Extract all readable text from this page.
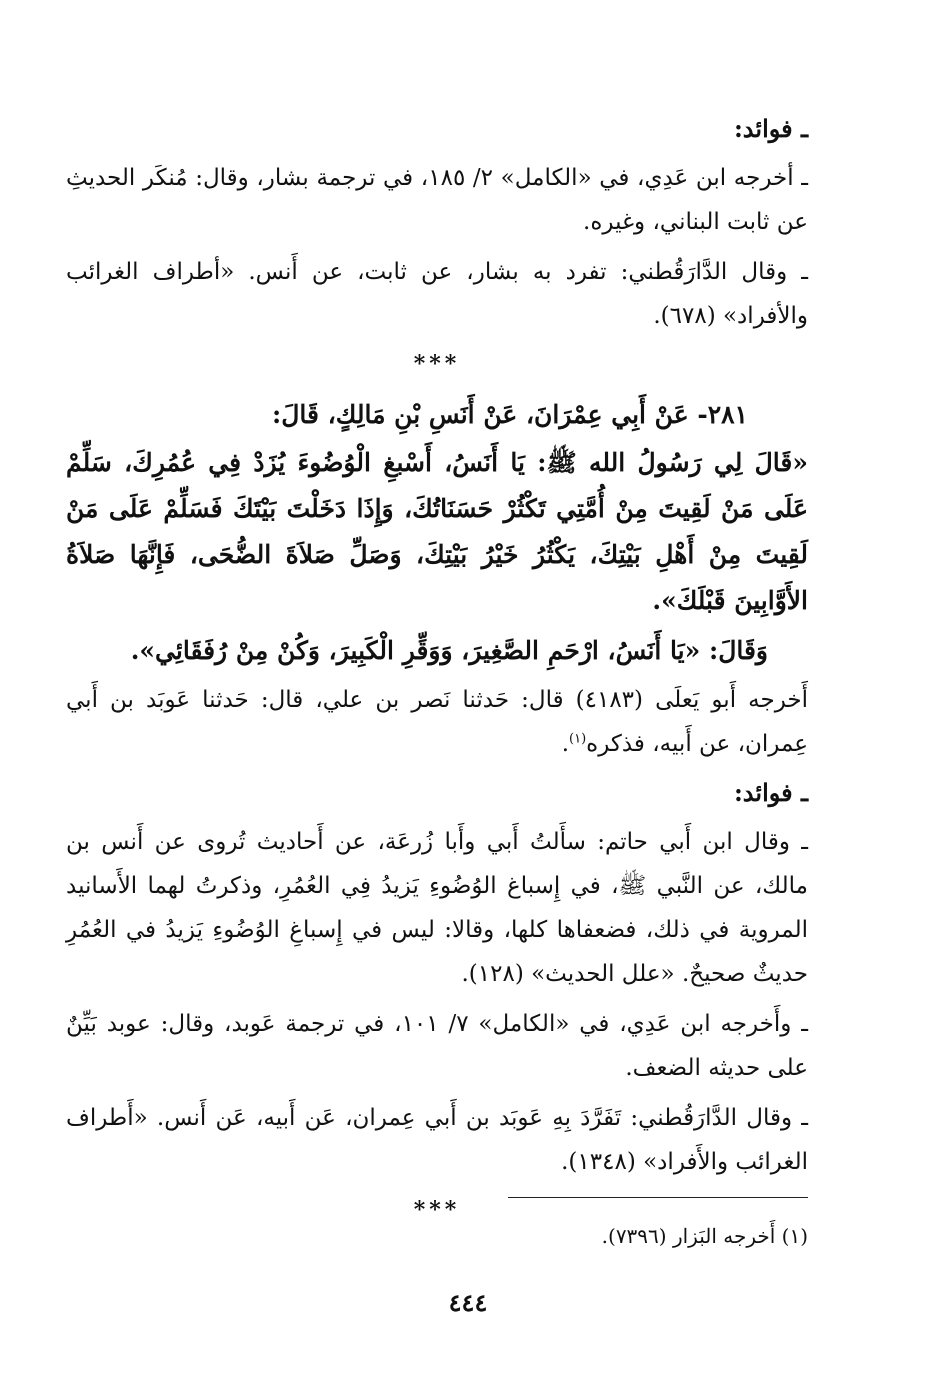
ـ فوائد:

ـ أخرجه ابن عَدِي، في «الكامل» ٢/ ١٨٥، في ترجمة بشار، وقال: مُنكَر الحديثِ عن ثابت البناني، وغيره.

ـ وقال الدَّارَقُطني: تفرد به بشار، عن ثابت، عن أَنس. «أطراف الغرائب والأفراد» (٦٧٨).

***

٢٨١- عَنْ أَبِي عِمْرَانَ، عَنْ أَنَسِ بْنِ مَالِكٍ، قَالَ:

«قَالَ لِي رَسُولُ الله ﷺ: يَا أَنَسُ، أَسْبغِ الْوُضُوءَ يُزَدْ فِي عُمُرِكَ، سَلِّمْ عَلَى مَنْ لَقِيتَ مِنْ أُمَّتِي تَكْثُرْ حَسَنَاتُكَ، وَإِذَا دَخَلْتَ بَيْتَكَ فَسَلِّمْ عَلَى مَنْ لَقِيتَ مِنْ أَهْلِ بَيْتِكَ، يَكْثُرُ خَيْرُ بَيْتِكَ، وَصَلِّ صَلاَةَ الضُّحَى، فَإِنَّهَا صَلاَةُ الأَوَّابِينَ قَبْلَكَ».

وَقَالَ: «يَا أَنَسُ، ارْحَمِ الصَّغِيرَ، وَوَقِّرِ الْكَبِيرَ، وَكُنْ مِنْ رُفَقَائِي».

أَخرجه أَبو يَعلَى (٤١٨٣) قال: حَدثنا نَصر بن علي، قال: حَدثنا عَوبَد بن أَبي عِمران، عن أَبيه، فذكره$^{(١)}$.

ـ فوائد:

ـ وقال ابن أَبي حاتم: سأَلتُ أَبي وأَبا زُرعَة، عن أَحاديث تُروى عن أَنس بن مالك، عن النَّبي ﷺ، في إِسباغ الوُضُوءِ يَزيدُ فِي العُمُرِ، وذكرتُ لهما الأَسانيد المروية في ذلك، فضعفاها كلها، وقالا: ليس في إِسباغِ الوُضُوءِ يَزيدُ في العُمُرِ حديثٌ صحيحٌ. «علل الحديث» (١٢٨).

ـ وأَخرجه ابن عَدِي، في «الكامل» ٧/ ١٠١، في ترجمة عَوبد، وقال: عوبد بَيِّنٌ على حديثه الضعف.

ـ وقال الدَّارَقُطني: تَفَرَّدَ بِهِ عَوبَد بن أَبي عِمران، عَن أَبيه، عَن أَنس. «أَطراف الغرائب والأَفراد» (١٣٤٨).

***

(١) أَخرجه البَزار (٧٣٩٦).

٤٤٤
